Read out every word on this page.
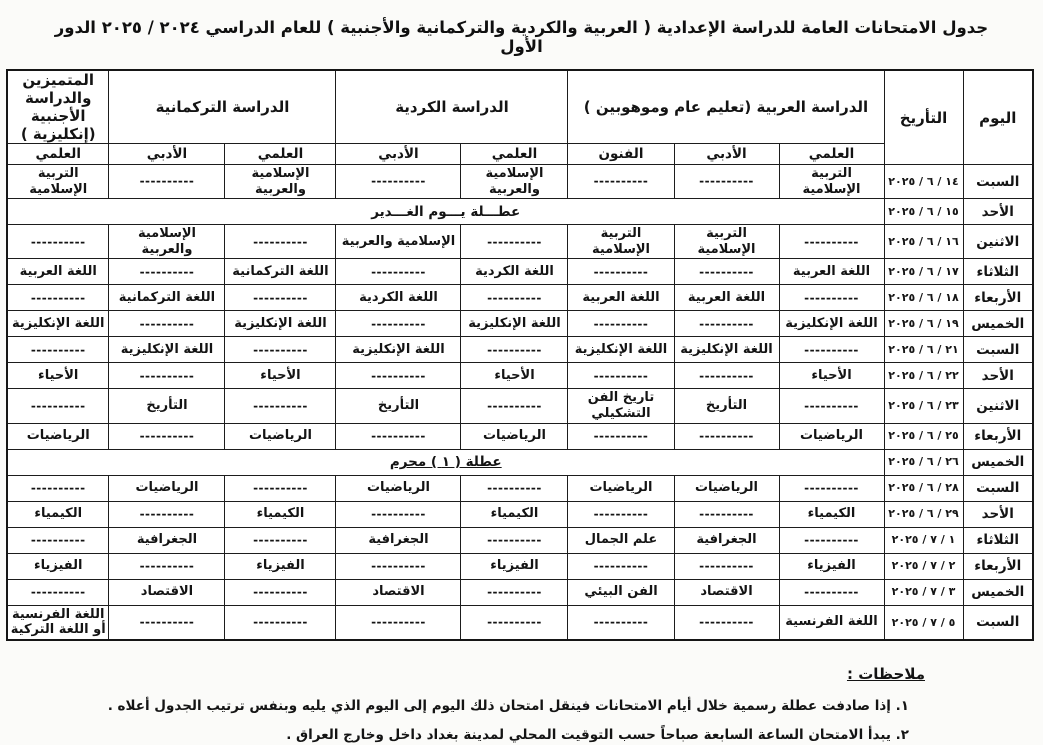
جدول الامتحانات العامة للدراسة الإعدادية ( العربية والكردية والتركمانية والأجنبية ) للعام الدراسي ٢٠٢٤ / ٢٠٢٥ الدور الأول
اليوم	التأريخ	الدراسة العربية (تعليم عام وموهوبين )			الدراسة الكردية		الدراسة التركمانية		المتميزين والدراسة الأجنبية (إنكليزية )
		العلمي	الأدبي	الفنون	العلمي	الأدبي	العلمي	الأدبي	العلمي
السبت	١٤ / ٦ / ٢٠٢٥	التربية الإسلامية	----------	----------	الإسلامية والعربية	----------	الإسلامية والعربية	----------	التربية الإسلامية
الأحد	١٥ / ٦ / ٢٠٢٥	عطـــلة يـــوم الغـــدير							
الاثنين	١٦ / ٦ / ٢٠٢٥	----------	التربية الإسلامية	التربية الإسلامية	----------	الإسلامية والعربية	----------	الإسلامية والعربية	----------
الثلاثاء	١٧ / ٦ / ٢٠٢٥	اللغة العربية	----------	----------	اللغة الكردية	----------	اللغة التركمانية	----------	اللغة العربية
الأربعاء	١٨ / ٦ / ٢٠٢٥	----------	اللغة العربية	اللغة العربية	----------	اللغة الكردية	----------	اللغة التركمانية	----------
الخميس	١٩ / ٦ / ٢٠٢٥	اللغة الإنكليزية	----------	----------	اللغة الإنكليزية	----------	اللغة الإنكليزية	----------	اللغة الإنكليزية
السبت	٢١ / ٦ / ٢٠٢٥	----------	اللغة الإنكليزية	اللغة الإنكليزية	----------	اللغة الإنكليزية	----------	اللغة الإنكليزية	----------
الأحد	٢٢ / ٦ / ٢٠٢٥	الأحياء	----------	----------	الأحياء	----------	الأحياء	----------	الأحياء
الاثنين	٢٣ / ٦ / ٢٠٢٥	----------	التأريخ	تاريخ الفن التشكيلي	----------	التأريخ	----------	التأريخ	----------
الأربعاء	٢٥ / ٦ / ٢٠٢٥	الرياضيات	----------	----------	الرياضيات	----------	الرياضيات	----------	الرياضيات
الخميس	٢٦ / ٦ / ٢٠٢٥	عطلة ( ١ ) محرم							
السبت	٢٨ / ٦ / ٢٠٢٥	----------	الرياضيات	الرياضيات	----------	الرياضيات	----------	الرياضيات	----------
الأحد	٢٩ / ٦ / ٢٠٢٥	الكيمياء	----------	----------	الكيمياء	----------	الكيمياء	----------	الكيمياء
الثلاثاء	١ / ٧ / ٢٠٢٥	----------	الجغرافية	علم الجمال	----------	الجغرافية	----------	الجغرافية	----------
الأربعاء	٢ / ٧ / ٢٠٢٥	الفيزياء	----------	----------	الفيزياء	----------	الفيزياء	----------	الفيزياء
الخميس	٣ / ٧ / ٢٠٢٥	----------	الاقتصاد	الفن البيئي	----------	الاقتصاد	----------	الاقتصاد	----------
السبت	٥ / ٧ / ٢٠٢٥	اللغة الفرنسية	----------	----------	----------	----------	----------	----------	اللغة الفرنسية أو اللغة التركية
ملاحظات :
١. إذا صادفت عطلة رسمية خلال أيام الامتحانات فينقل امتحان ذلك اليوم إلى اليوم الذي يليه وبنفس ترتيب الجدول أعلاه .
٢. يبدأ الامتحان الساعة السابعة صباحاً حسب التوقيت المحلي لمدينة بغداد داخل وخارج العراق .
